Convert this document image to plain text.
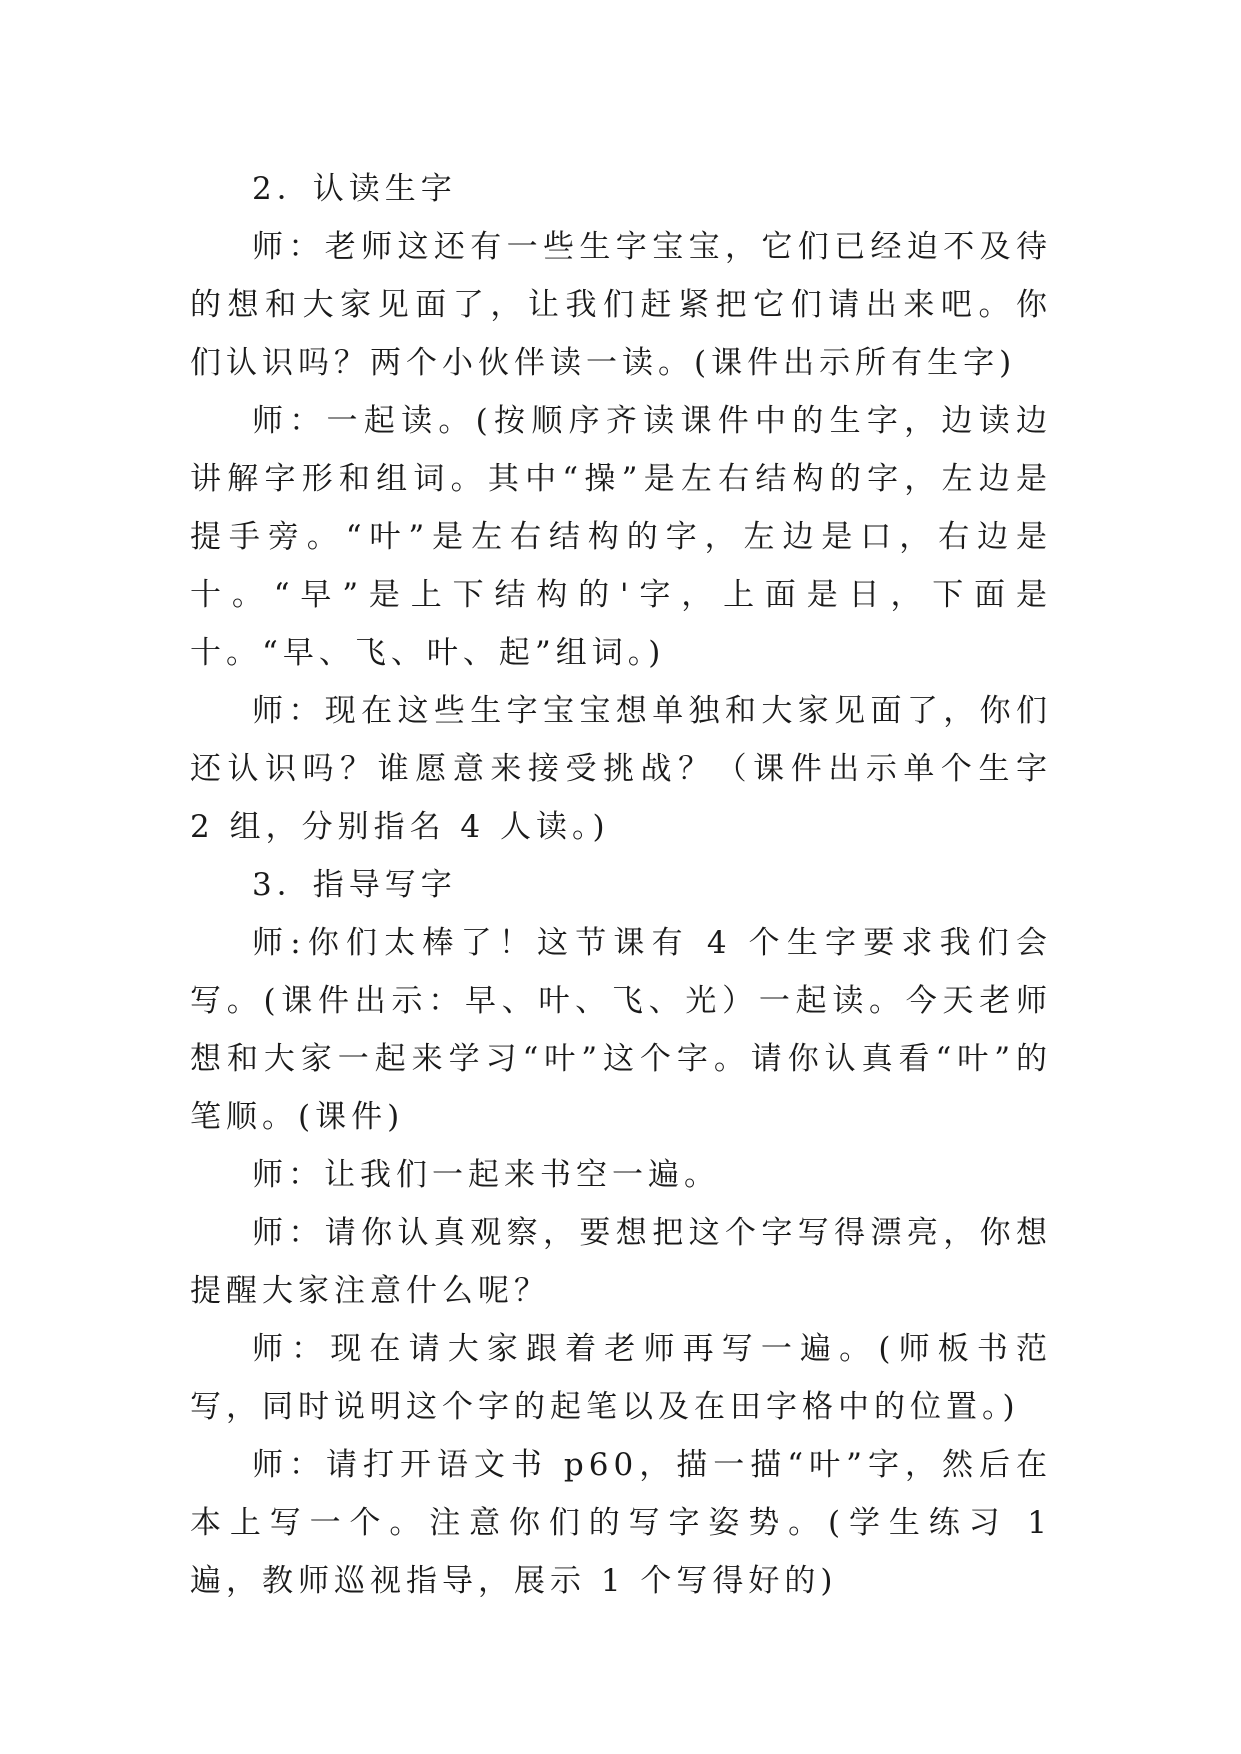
2．认读生字

师：老师这还有一些生字宝宝，它们已经迫不及待的想和大家见面了，让我们赶紧把它们请出来吧。你们认识吗？两个小伙伴读一读。(课件出示所有生字)

师：一起读。(按顺序齐读课件中的生字，边读边讲解字形和组词。其中“操”是左右结构的字，左边是提手旁。“叶”是左右结构的字，左边是口，右边是十。“早”是上下结构的'字，上面是日，下面是十。“早、飞、叶、起”组词。)

师：现在这些生字宝宝想单独和大家见面了，你们还认识吗？谁愿意来接受挑战？（课件出示单个生字 2 组，分别指名 4 人读。)

3．指导写字

师:你们太棒了！这节课有 4 个生字要求我们会写。(课件出示：早、叶、飞、光）一起读。今天老师想和大家一起来学习“叶”这个字。请你认真看“叶”的笔顺。(课件)

师：让我们一起来书空一遍。

师：请你认真观察，要想把这个字写得漂亮，你想提醒大家注意什么呢？

师：现在请大家跟着老师再写一遍。(师板书范写，同时说明这个字的起笔以及在田字格中的位置。)

师：请打开语文书 p60，描一描“叶”字，然后在本上写一个。注意你们的写字姿势。(学生练习 1 遍，教师巡视指导，展示 1 个写得好的)
